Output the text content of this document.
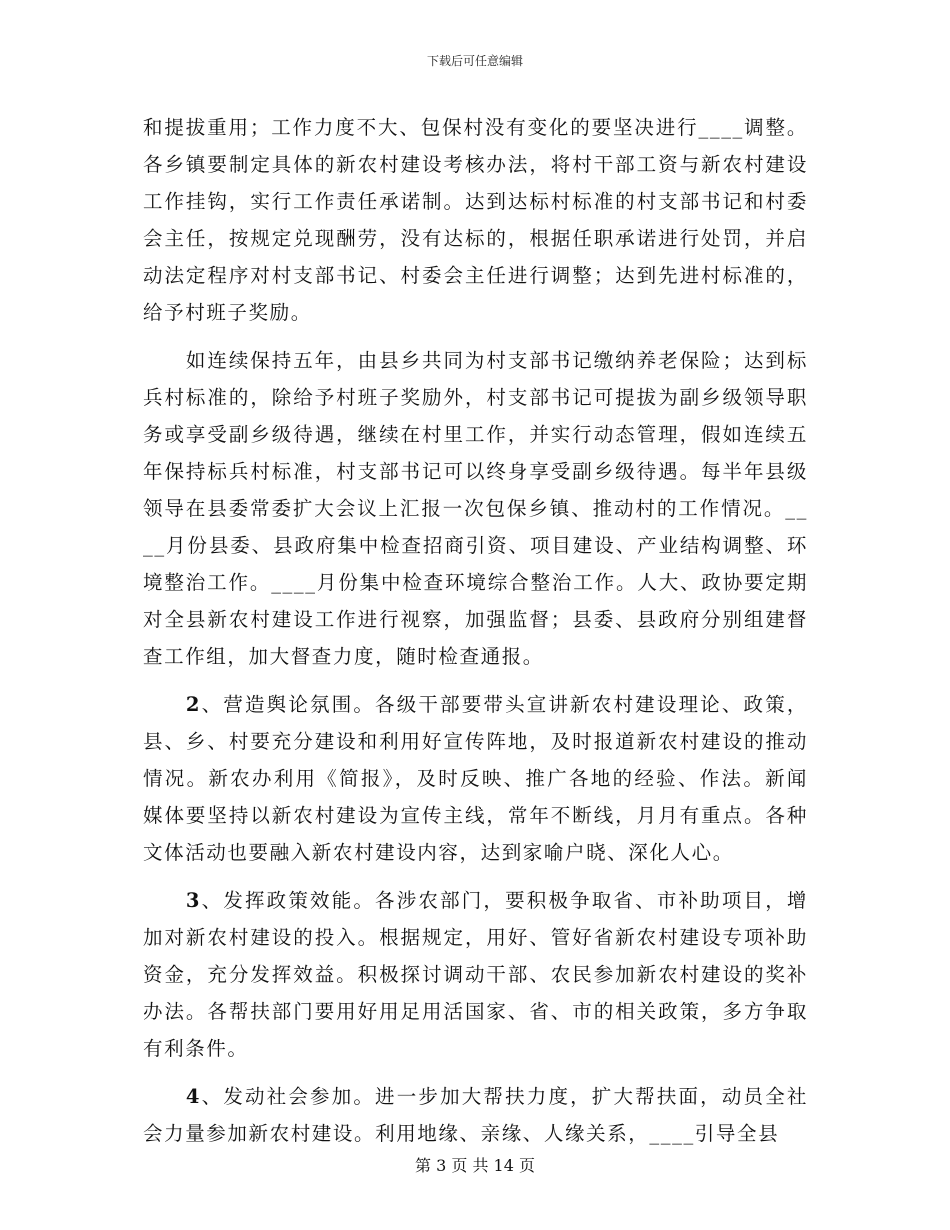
下载后可任意编辑

和提拔重用；工作力度不大、包保村没有变化的要坚决进行____调整。各乡镇要制定具体的新农村建设考核办法，将村干部工资与新农村建设工作挂钩，实行工作责任承诺制。达到达标村标准的村支部书记和村委会主任，按规定兑现酬劳，没有达标的，根据任职承诺进行处罚，并启动法定程序对村支部书记、村委会主任进行调整；达到先进村标准的，给予村班子奖励。

如连续保持五年，由县乡共同为村支部书记缴纳养老保险；达到标兵村标准的，除给予村班子奖励外，村支部书记可提拔为副乡级领导职务或享受副乡级待遇，继续在村里工作，并实行动态管理，假如连续五年保持标兵村标准，村支部书记可以终身享受副乡级待遇。每半年县级领导在县委常委扩大会议上汇报一次包保乡镇、推动村的工作情况。____月份县委、县政府集中检查招商引资、项目建设、产业结构调整、环境整治工作。____月份集中检查环境综合整治工作。人大、政协要定期对全县新农村建设工作进行视察，加强监督；县委、县政府分别组建督查工作组，加大督查力度，随时检查通报。

2、营造舆论氛围。各级干部要带头宣讲新农村建设理论、政策，县、乡、村要充分建设和利用好宣传阵地，及时报道新农村建设的推动情况。新农办利用《简报》，及时反映、推广各地的经验、作法。新闻媒体要坚持以新农村建设为宣传主线，常年不断线，月月有重点。各种文体活动也要融入新农村建设内容，达到家喻户晓、深化人心。

3、发挥政策效能。各涉农部门，要积极争取省、市补助项目，增加对新农村建设的投入。根据规定，用好、管好省新农村建设专项补助资金，充分发挥效益。积极探讨调动干部、农民参加新农村建设的奖补办法。各帮扶部门要用好用足用活国家、省、市的相关政策，多方争取有利条件。

4、发动社会参加。进一步加大帮扶力度，扩大帮扶面，动员全社会力量参加新农村建设。利用地缘、亲缘、人缘关系，____引导全县

第 3 页 共 14 页
